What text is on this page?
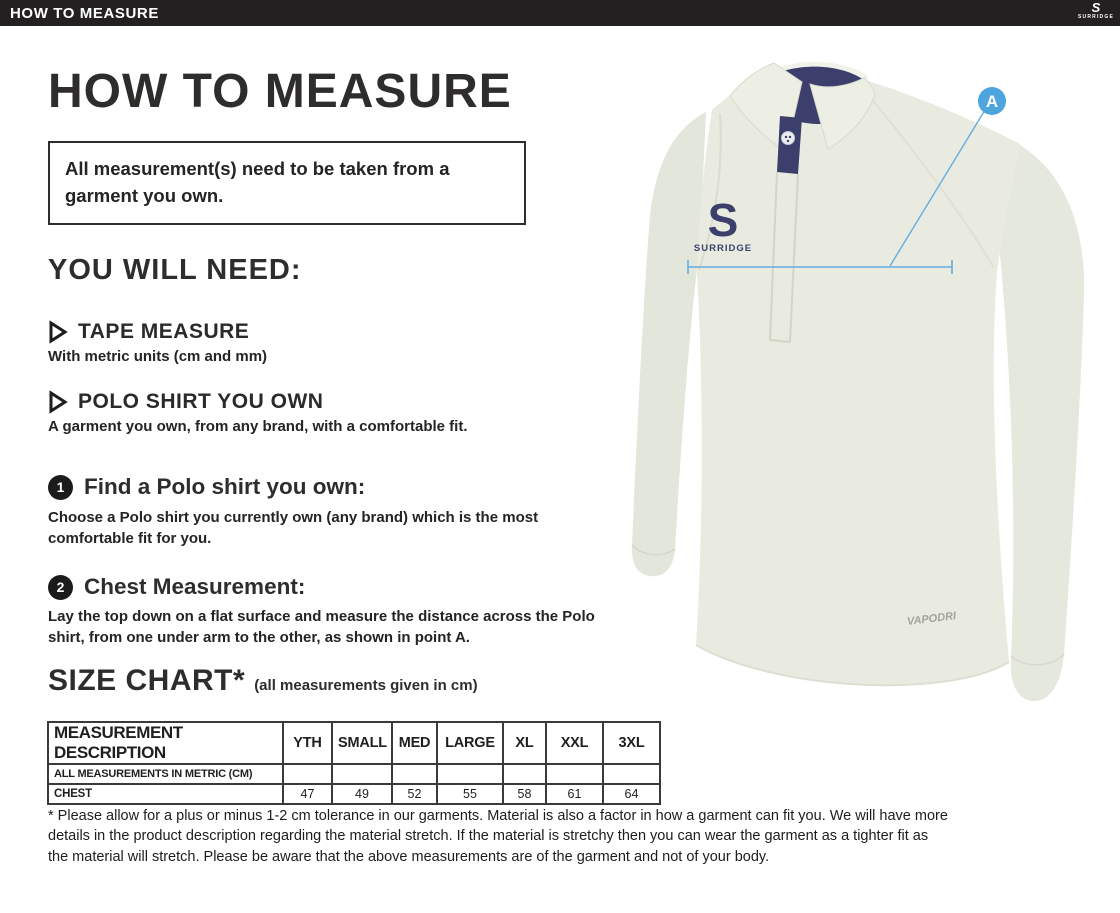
HOW TO MEASURE	S
SURRIDGE
HOW TO MEASURE
All measurement(s) need to be taken from a garment you own.
YOU WILL NEED:
TAPE MEASURE
With metric units (cm and mm)
POLO SHIRT YOU OWN
A garment you own, from any brand, with a comfortable fit.
1 Find a Polo shirt you own:
Choose a Polo shirt you currently own (any brand) which is the most comfortable fit for you.
2 Chest Measurement:
Lay the top down on a flat surface and measure the distance across the Polo shirt, from one under arm to the other, as shown in point A.
SIZE CHART* (all measurements given in cm)
MEASUREMENT DESCRIPTION	YTH	SMALL	MED	LARGE	XL	XXL	3XL
ALL MEASUREMENTS IN METRIC (CM)							
CHEST	47	49	52	55	58	61	64
* Please allow for a plus or minus 1-2 cm tolerance in our garments. Material is also a factor in how a garment can fit you. We will have more details in the product description regarding the material stretch. If the material is stretchy then you can wear the garment as a tighter fit as the material will stretch. Please be aware that the above measurements are of the garment and not of your body.
S
SURRIDGE
VAPODRI
A
